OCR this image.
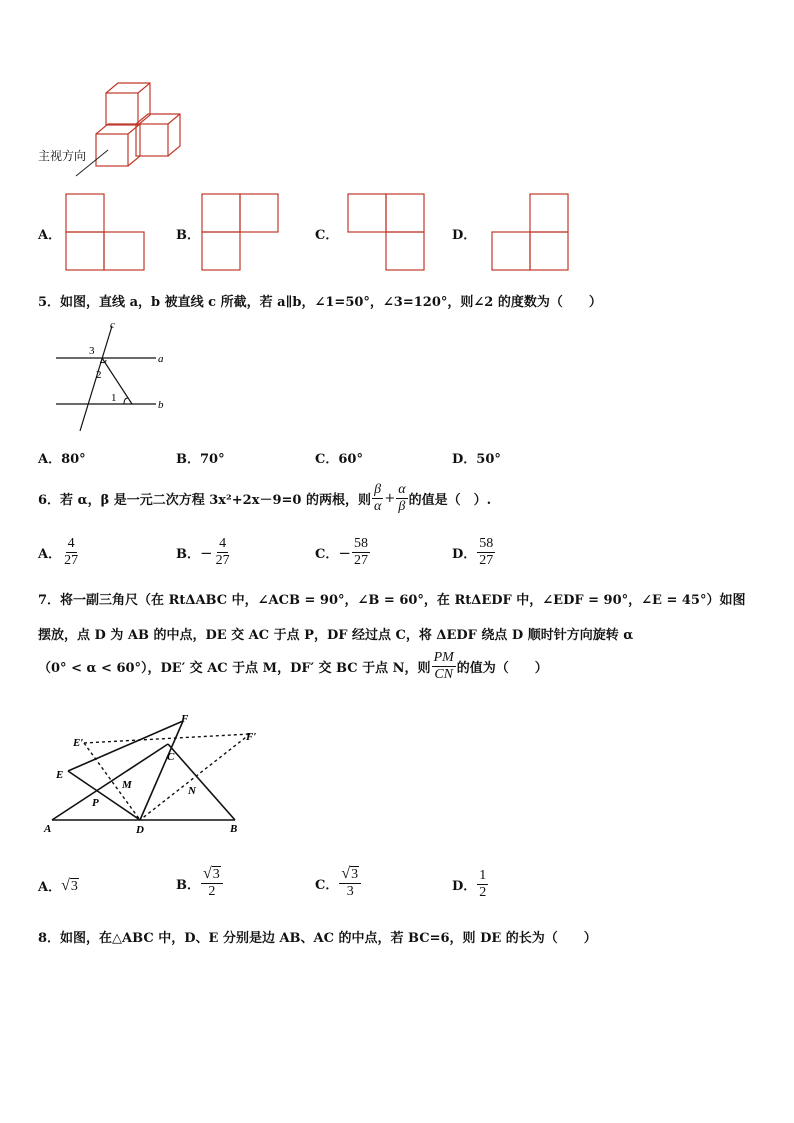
主视方向
A．	B．	C．	D．
5．如图，直线 a，b 被直线 c 所截，若 a∥b，∠1=50°，∠3=120°，则∠2 的度数为（　　）
c
a
b
3
2
1
A．80°	B．70°	C．60°	D．50°
6．若 α，β 是一元二次方程 3x²+2x－9=0 的两根，则 $\frac{\beta}{\alpha} + \frac{\alpha}{\beta}$ 的值是（　）.
A． $\frac{4}{27}$	B． − $\frac{4}{27}$	C． − $\frac{58}{27}$	D． $\frac{58}{27}$
7．将一副三角尺（在 RtΔABC 中，∠ACB = 90°，∠B = 60°，在 RtΔEDF 中，∠EDF = 90°，∠E = 45°）如图
摆放，点 D 为 AB 的中点，DE 交 AC 于点 P，DF 经过点 C，将 ΔEDF 绕点 D 顺时针方向旋转 α
（0° < α < 60°），DE′ 交 AC 于点 M，DF′ 交 BC 于点 N，则 $\frac{PM}{CN}$ 的值为（　　）
F
E′	F′
C
E
M	N
P
A	D	B
A． √3	B． $\frac{√3}{2}$	C． $\frac{√3}{3}$	D． $\frac{1}{2}$
8．如图，在△ABC 中，D、E 分别是边 AB、AC 的中点，若 BC=6，则 DE 的长为（　　）
